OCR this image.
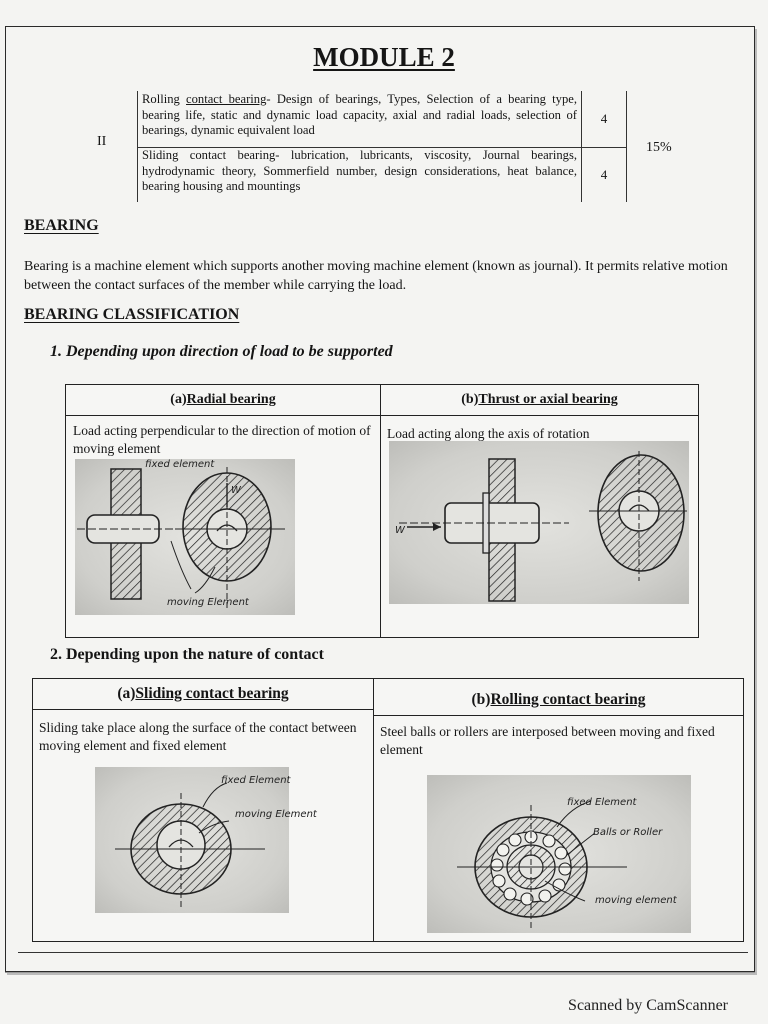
MODULE 2
II
Rolling contact bearing- Design of bearings, Types, Selection of a bearing type, bearing life, static and dynamic load capacity, axial and radial loads, selection of bearings, dynamic equivalent load
4
Sliding contact bearing- lubrication, lubricants, viscosity, Journal bearings, hydrodynamic theory, Sommerfield number, design considerations, heat balance, bearing housing and mountings
4
15%
BEARING

Bearing is a machine element which supports another moving machine element (known as journal). It permits relative motion between the contact surfaces of the member while carrying the load.

BEARING CLASSIFICATION
1. Depending upon direction of load to be supported
(a) Radial bearing	(b) Thrust or axial bearing
Load acting perpendicular to the direction of motion of moving element
Load acting along the axis of rotation
W
fixed element
moving Element
W
2. Depending upon the nature of contact
(a) Sliding contact bearing	(b) Rolling contact bearing
Sliding take place along the surface of the contact between moving element and fixed element
Steel balls or rollers are interposed between moving and fixed element
fixed Element
moving Element
fixed Element
Balls or Roller
moving element
Scanned by CamScanner
